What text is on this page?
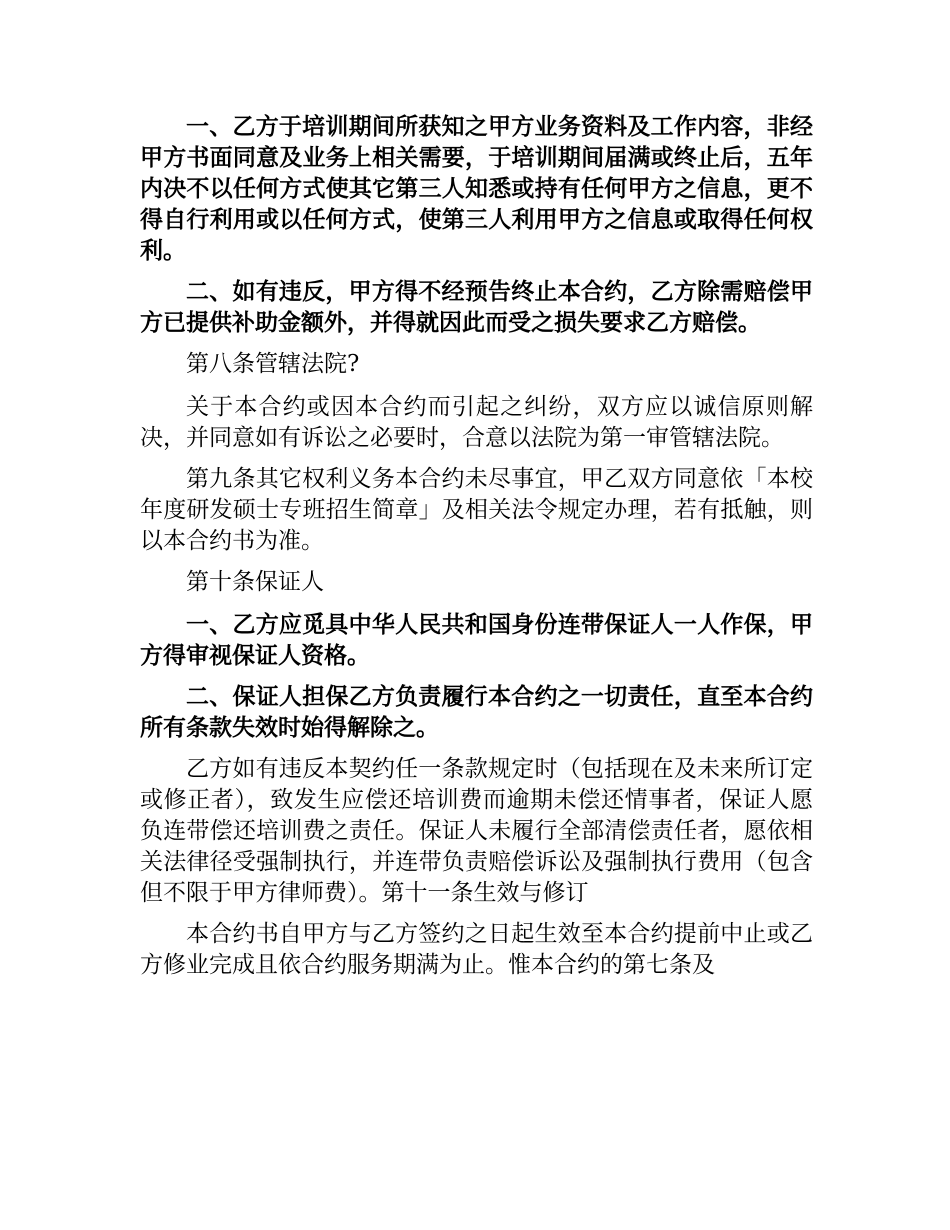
一、乙方于培训期间所获知之甲方业务资料及工作内容，非经甲方书面同意及业务上相关需要，于培训期间届满或终止后，五年内决不以任何方式使其它第三人知悉或持有任何甲方之信息，更不得自行利用或以任何方式，使第三人利用甲方之信息或取得任何权利。

二、如有违反，甲方得不经预告终止本合约，乙方除需赔偿甲方已提供补助金额外，并得就因此而受之损失要求乙方赔偿。

第八条管辖法院?

关于本合约或因本合约而引起之纠纷，双方应以诚信原则解决，并同意如有诉讼之必要时，合意以法院为第一审管辖法院。

第九条其它权利义务本合约未尽事宜，甲乙双方同意依「本校年度研发硕士专班招生简章」及相关法令规定办理，若有抵触，则以本合约书为准。

第十条保证人

一、乙方应觅具中华人民共和国身份连带保证人一人作保，甲方得审视保证人资格。

二、保证人担保乙方负责履行本合约之一切责任，直至本合约所有条款失效时始得解除之。

乙方如有违反本契约任一条款规定时（包括现在及未来所订定或修正者），致发生应偿还培训费而逾期未偿还情事者，保证人愿负连带偿还培训费之责任。保证人未履行全部清偿责任者，愿依相关法律径受强制执行，并连带负责赔偿诉讼及强制执行费用（包含但不限于甲方律师费）。第十一条生效与修订

本合约书自甲方与乙方签约之日起生效至本合约提前中止或乙方修业完成且依合约服务期满为止。惟本合约的第七条及
